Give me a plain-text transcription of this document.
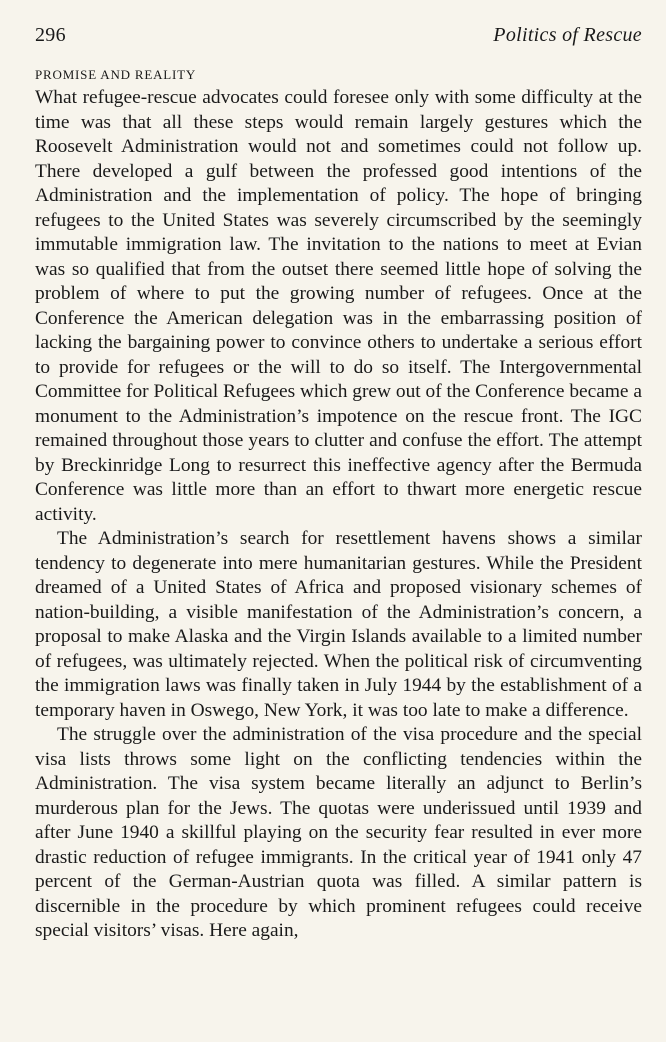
296	Politics of Rescue
PROMISE AND REALITY

What refugee-rescue advocates could foresee only with some difficulty at the time was that all these steps would remain largely gestures which the Roosevelt Administration would not and sometimes could not follow up. There developed a gulf between the professed good intentions of the Administration and the implementation of policy. The hope of bringing refugees to the United States was severely circumscribed by the seemingly immutable immigration law. The invitation to the nations to meet at Evian was so qualified that from the outset there seemed little hope of solving the problem of where to put the growing number of refugees. Once at the Conference the American delegation was in the embarrassing position of lacking the bargaining power to convince others to undertake a serious effort to provide for refugees or the will to do so itself. The Intergovernmental Committee for Political Refugees which grew out of the Conference became a monument to the Administration’s impotence on the rescue front. The IGC remained throughout those years to clutter and confuse the effort. The attempt by Breckinridge Long to resurrect this ineffective agency after the Bermuda Conference was little more than an effort to thwart more energetic rescue activity.

The Administration’s search for resettlement havens shows a similar tendency to degenerate into mere humanitarian gestures. While the President dreamed of a United States of Africa and proposed visionary schemes of nation-building, a visible manifestation of the Administration’s concern, a proposal to make Alaska and the Virgin Islands available to a limited number of refugees, was ultimately rejected. When the political risk of circumventing the immigration laws was finally taken in July 1944 by the establishment of a temporary haven in Oswego, New York, it was too late to make a difference.

The struggle over the administration of the visa procedure and the special visa lists throws some light on the conflicting tendencies within the Administration. The visa system became literally an adjunct to Berlin’s murderous plan for the Jews. The quotas were underissued until 1939 and after June 1940 a skillful playing on the security fear resulted in ever more drastic reduction of refugee immigrants. In the critical year of 1941 only 47 percent of the German-Austrian quota was filled. A similar pattern is discernible in the procedure by which prominent refugees could receive special visitors’ visas. Here again,
